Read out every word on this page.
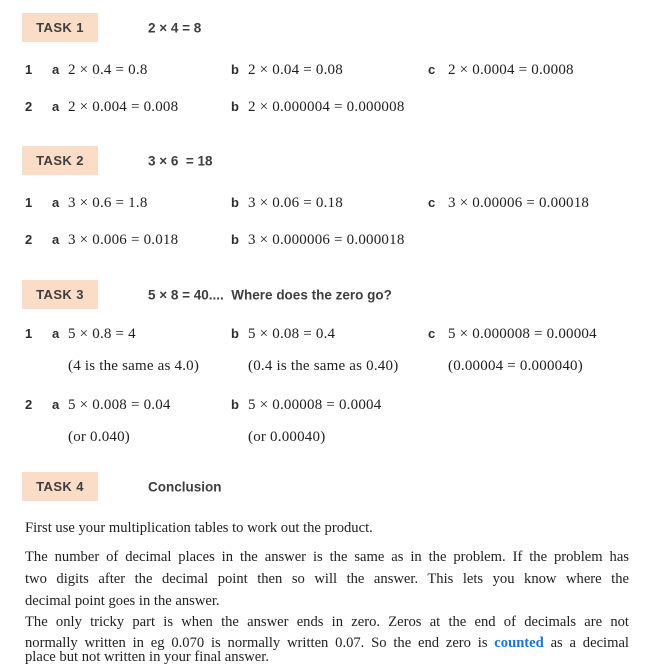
TASK 1	2 × 4 = 8
1	a 2 × 0.4 = 0.8	b 2 × 0.04 = 0.08	c 2 × 0.0004 = 0.0008
2	a 2 × 0.004 = 0.008	b 2 × 0.000004 = 0.000008
TASK 2	3 × 6  = 18
1	a 3 × 0.6 = 1.8	b 3 × 0.06 = 0.18	c 3 × 0.00006 = 0.00018
2	a 3 × 0.006 = 0.018	b 3 × 0.000006 = 0.000018
TASK 3	5 × 8 = 40....  Where does the zero go?
1	a 5 × 0.8 = 4	b 5 × 0.08 = 0.4	c 5 × 0.000008 = 0.00004
(4 is the same as 4.0)	(0.4 is the same as 0.40)	(0.00004 = 0.000040)
2	a 5 × 0.008 = 0.04	b 5 × 0.00008 = 0.0004
(or 0.040)	(or 0.00040)
TASK 4	Conclusion
First use your multiplication tables to work out the product.
The number of decimal places in the answer is the same as in the problem. If the problem has
two digits after the decimal point then so will the answer. This lets you know where the
decimal point goes in the answer.
The only tricky part is when the answer ends in zero. Zeros at the end of decimals are not
normally written in eg 0.070 is normally written 0.07. So the end zero is counted as a decimal
place but not written in your final answer.
